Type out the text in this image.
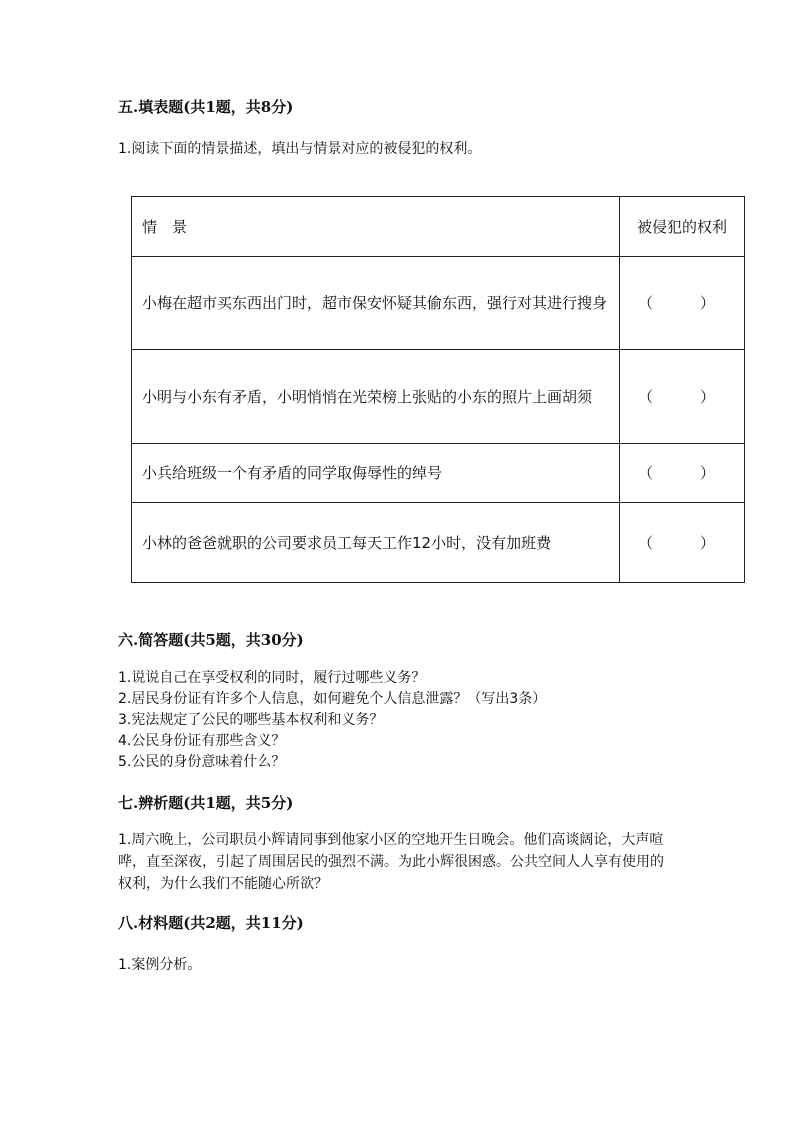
五.填表题(共1题，共8分)
1.阅读下面的情景描述，填出与情景对应的被侵犯的权利。
情　景	被侵犯的权利
小梅在超市买东西出门时，超市保安怀疑其偷东西，强行对其进行搜身	（ ）
小明与小东有矛盾，小明悄悄在光荣榜上张贴的小东的照片上画胡须	（ ）
小兵给班级一个有矛盾的同学取侮辱性的绰号	（ ）
小林的爸爸就职的公司要求员工每天工作12小时，没有加班费	（ ）
六.简答题(共5题，共30分)
1.说说自己在享受权利的同时，履行过哪些义务？
2.居民身份证有许多个人信息，如何避免个人信息泄露？（写出3条）
3.宪法规定了公民的哪些基本权利和义务？
4.公民身份证有那些含义？
5.公民的身份意味着什么？
七.辨析题(共1题，共5分)
1.周六晚上，公司职员小辉请同事到他家小区的空地开生日晚会。他们高谈阔论，大声喧哗，直至深夜，引起了周围居民的强烈不满。为此小辉很困惑。公共空间人人享有使用的权利，为什么我们不能随心所欲？
八.材料题(共2题，共11分)
1.案例分析。
